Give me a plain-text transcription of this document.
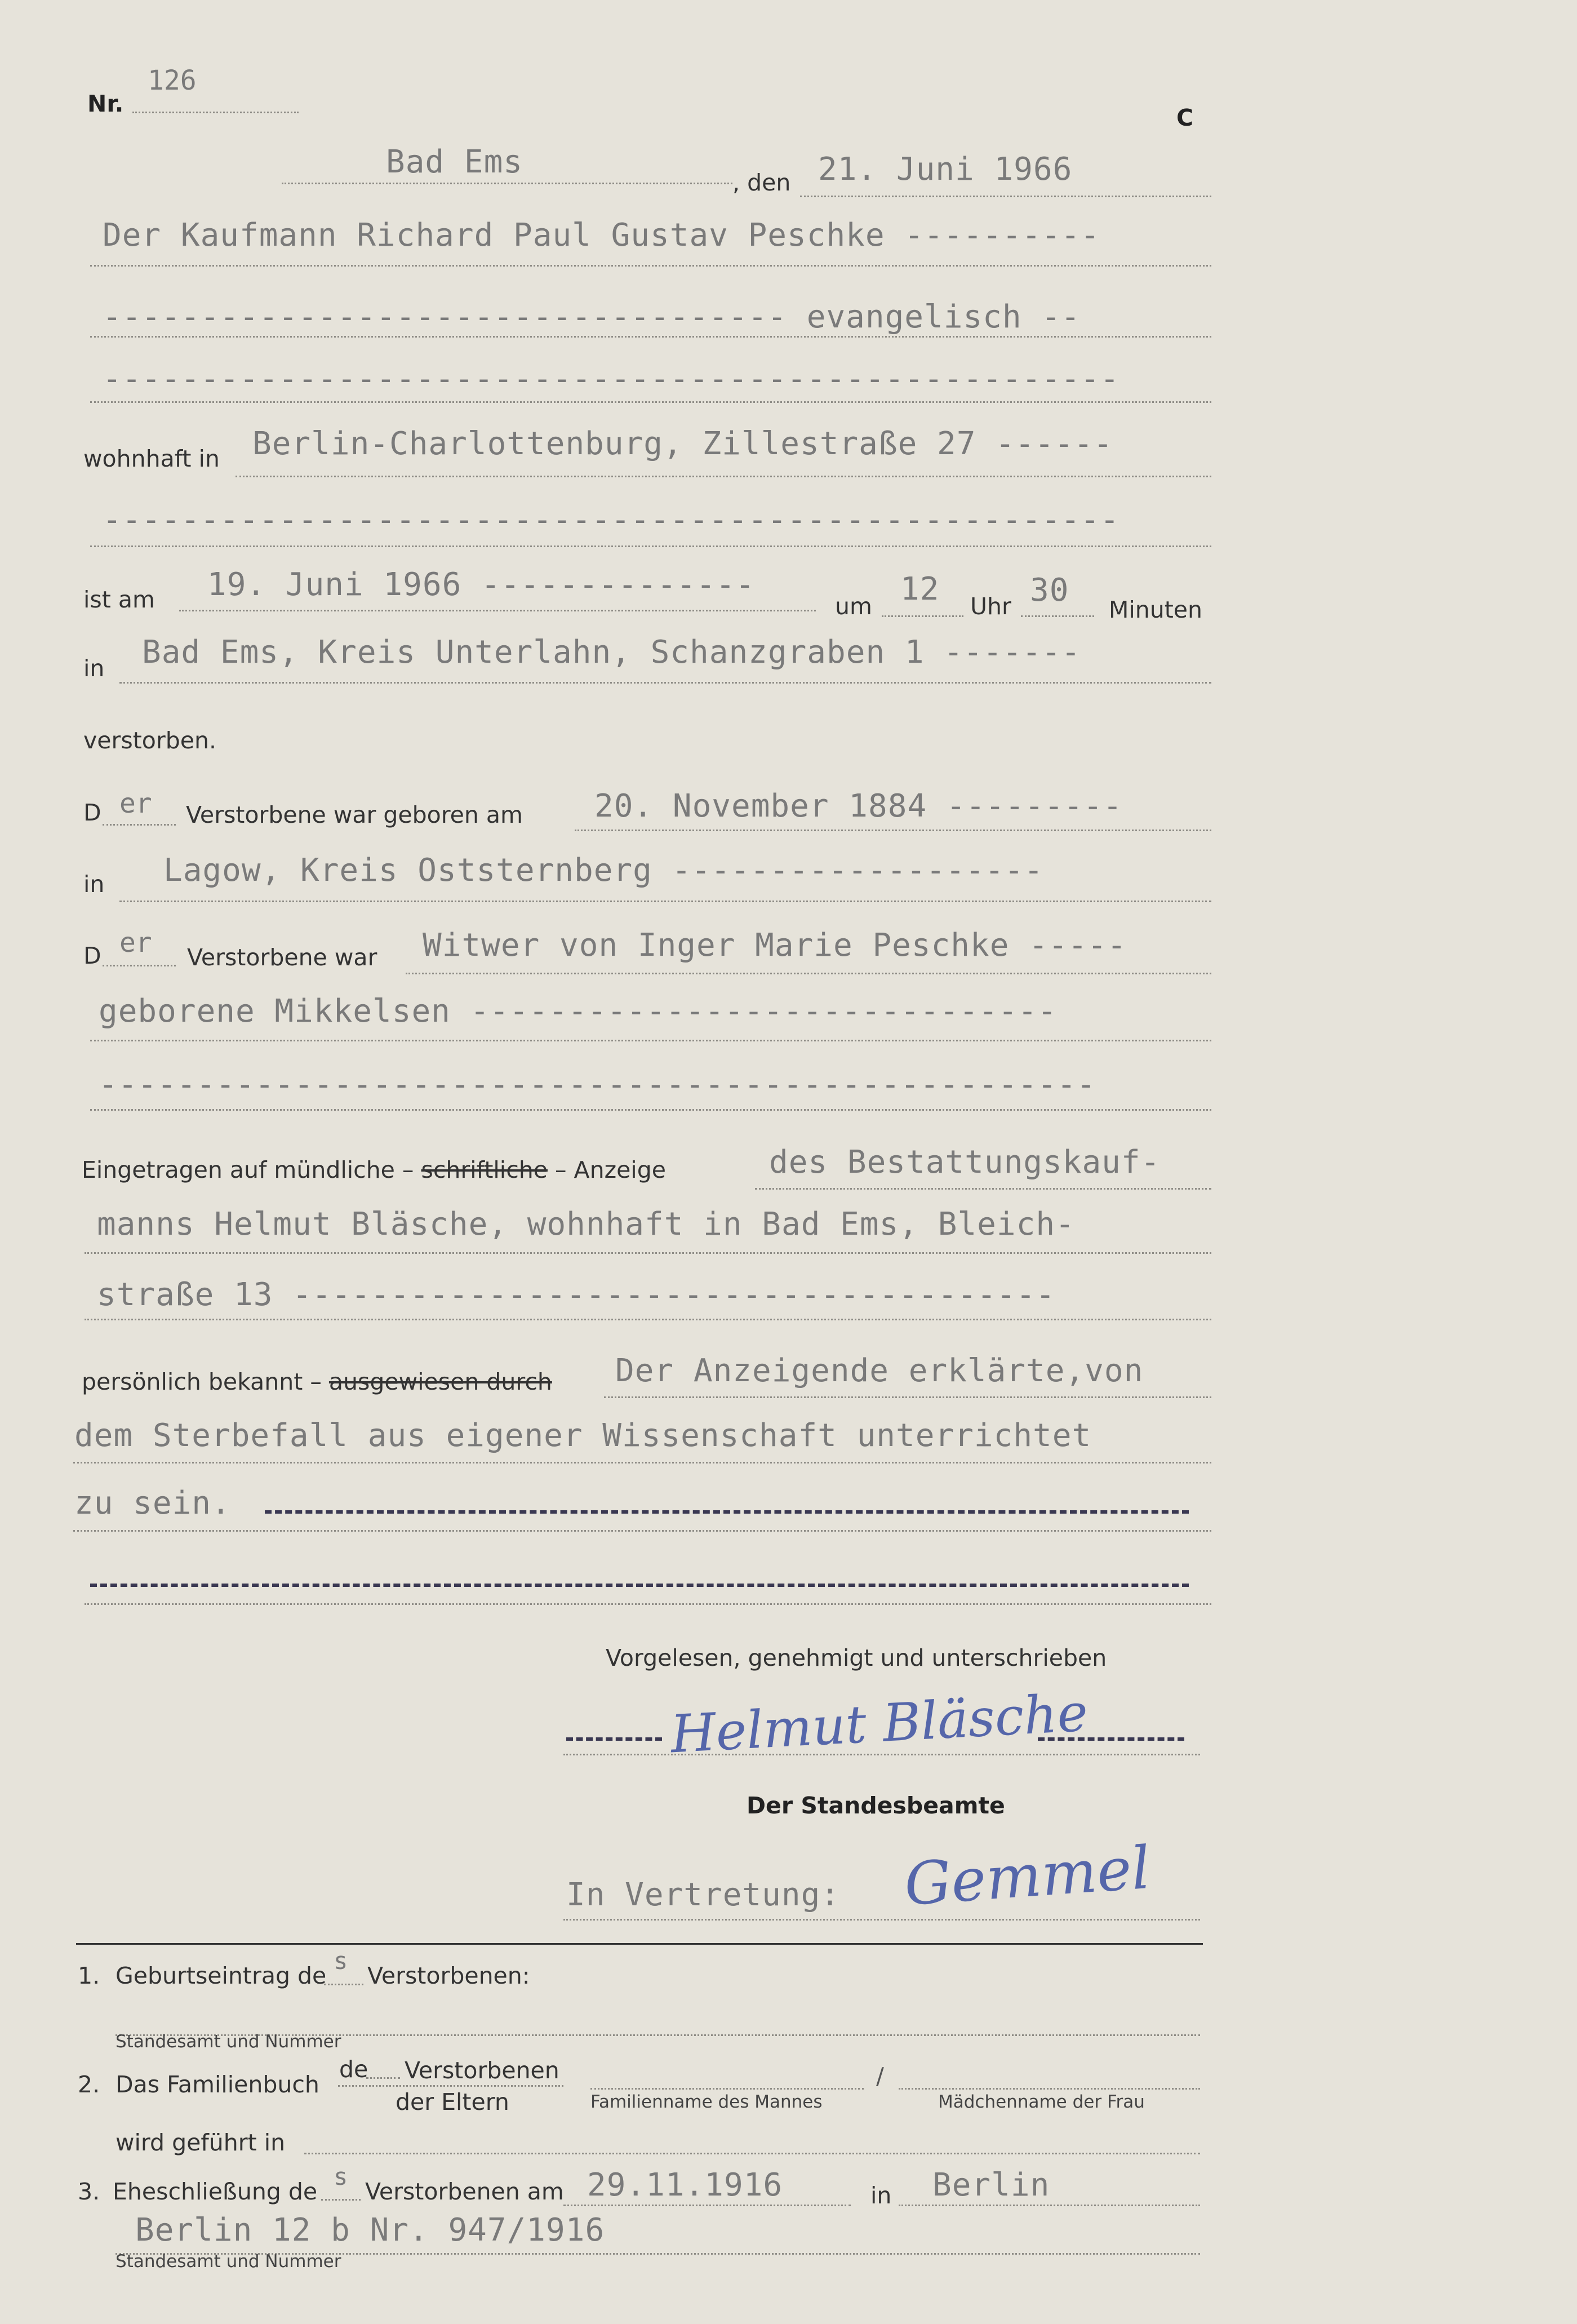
Nr.
126
C
Bad Ems
, den 21. Juni 1966
Der Kaufmann Richard Paul Gustav Peschke ----------
----------------------------------- evangelisch --
----------------------------------------------------
wohnhaft in Berlin-Charlottenburg, Zillestraße 27 ------
----------------------------------------------------
ist am 19. Juni 1966 --------------
um 12 Uhr 30
Minuten
in Bad Ems, Kreis Unterlahn, Schanzgraben 1 -------
verstorben.
D er Verstorbene war geboren am 20. November 1884 ---------
in Lagow, Kreis Oststernberg -------------------
D er Verstorbene war Witwer von Inger Marie Peschke -----
geborene Mikkelsen ------------------------------
---------------------------------------------------
Eingetragen auf mündliche – schriftliche – Anzeige	des Bestattungskauf-
manns Helmut Bläsche, wohnhaft in Bad Ems, Bleich-
straße 13 ---------------------------------------
persönlich bekannt – ausgewiesen durch Der Anzeigende erklärte,von
dem Sterbefall aus eigener Wissenschaft unterrichtet
zu sein.
Vorgelesen, genehmigt und unterschrieben
Helmut Bläsche
Der Standesbeamte
In Vertretung: Gemmel
1. Geburtseintrag de
s
Verstorbenen:
Standesamt und Nummer
2. Das Familienbuch
de Verstorbenen
der Eltern	Familienname des Mannes
/
Mädchenname der Frau
wird geführt in
3. Eheschließung de
s
Verstorbenen am 29.11.1916	in Berlin
Berlin 12 b Nr. 947/1916
Standesamt und Nummer
